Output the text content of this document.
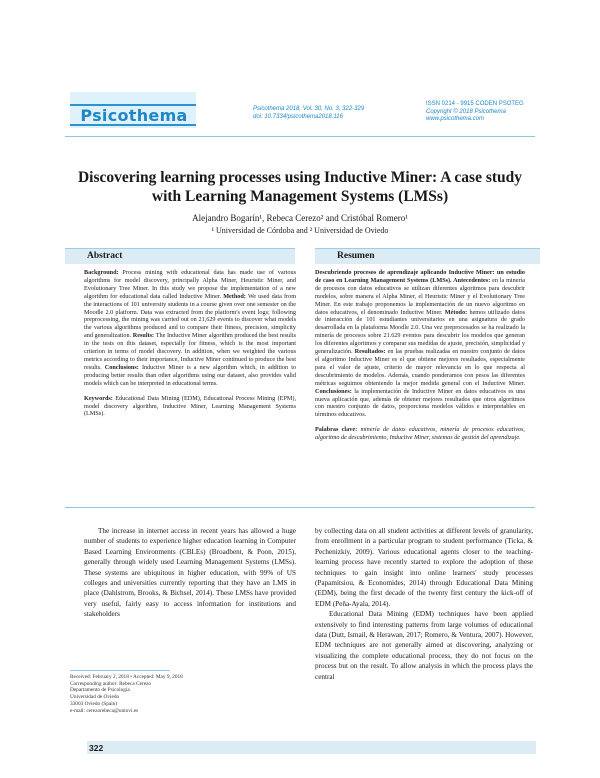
Psicothema	Psicothema 2018, Vol. 30, No. 3, 322-329
doi: 10.7334/psicothema2018.116
ISSN 0214 - 9915 CODEN PSOTEG
Copyright © 2018 Psicothema
www.psicothema.com
Discovering learning processes using Inductive Miner: A case study with Learning Management Systems (LMSs)
Alejandro Bogarín¹, Rebeca Cerezo² and Cristóbal Romero¹
¹ Universidad de Córdoba and ² Universidad de Oviedo
Abstract

Background: Process mining with educational data has made use of various algorithms for model discovery, principally Alpha Miner, Heuristic Miner, and Evolutionary Tree Miner. In this study we propose the implementation of a new algorithm for educational data called Inductive Miner. Method: We used data from the interactions of 101 university students in a course given over one semester on the Moodle 2.0 platform. Data was extracted from the platform's event logs; following preprocessing, the mining was carried out on 21,629 events to discover what models the various algorithms produced and to compare their fitness, precision, simplicity and generalization. Results: The Inductive Miner algorithm produced the best results in the tests on this dataset, especially for fitness, which is the most important criterion in terms of model discovery. In addition, when we weighted the various metrics according to their importance, Inductive Miner continued to produce the best results. Conclusions: Inductive Miner is a new algorithm which, in addition to producing better results than other algorithms using our dataset, also provides valid models which can be interpreted in educational terms.

Keywords: Educational Data Mining (EDM), Educational Process Mining (EPM), model discovery algorithm, Inductive Miner, Learning Management Systems (LMSs).

Resumen

Descubriendo procesos de aprendizaje aplicando Inductive Miner: un estudio de caso en Learning Management Systems (LMSs). Antecedentes: en la minería de procesos con datos educativos se utilizan diferentes algoritmos para descubrir modelos, sobre manera el Alpha Miner, el Heuristic Miner y el Evolutionary Tree Miner. En este trabajo proponemos la implementación de un nuevo algoritmo en datos educativos, el denominado Inductive Miner. Método: hemos utilizado datos de interacción de 101 estudiantes universitarios en una asignatura de grado desarrollada en la plataforma Moodle 2.0. Una vez preprocesados se ha realizado la minería de procesos sobre 21.629 eventos para descubrir los modelos que generan los diferentes algoritmos y comparar sus medidas de ajuste, precisión, simplicidad y generalización. Resultados: en las pruebas realizadas en nuestro conjunto de datos el algoritmo Inductive Miner es el que obtiene mejores resultados, especialmente para el valor de ajuste, criterio de mayor relevancia en lo que respecta al descubrimiento de modelos. Además, cuando ponderamos con pesos las diferentes métricas seguimos obteniendo la mejor medida general con el Inductive Miner. Conclusiones: la implementación de Inductive Miner en datos educativos es una nueva aplicación que, además de obtener mejores resultados que otros algoritmos con nuestro conjunto de datos, proporciona modelos válidos e interpretables en términos educativos.

Palabras clave: minería de datos educativos, minería de procesos educativos, algoritmo de descubrimiento, Inductive Miner, sistemas de gestión del aprendizaje.

The increase in internet access in recent years has allowed a huge number of students to experience higher education learning in Computer Based Learning Environments (CBLEs) (Broadbent, & Poon, 2015), generally through widely used Learning Management Systems (LMSs). These systems are ubiquitous in higher education, with 99% of US colleges and universities currently reporting that they have an LMS in place (Dahlstrom, Brooks, & Bichsel, 2014). These LMSs have provided very useful, fairly easy to access information for institutions and stakeholders

by collecting data on all student activities at different levels of granularity, from enrollment in a particular program to student performance (Ticka, & Pechenizkiy, 2009). Various educational agents closer to the teaching-learning process have recently started to explore the adoption of these techniques to gain insight into online learners' study processes (Papamitsiou, & Economides, 2014) through Educational Data Mining (EDM), being the first decade of the twenty first century the kick-off of EDM (Peña-Ayala, 2014).

Educational Data Mining (EDM) techniques have been applied extensively to find interesting patterns from large volumes of educational data (Dutt, Ismail, & Herawan, 2017; Romero, & Ventura, 2007). However, EDM techniques are not generally aimed at discovering, analyzing or visualizing the complete educational process, they do not focus on the process but on the result. To allow analysis in which the process plays the central

Received: February 2, 2018 • Accepted: May 9, 2018
Corresponding author: Rebeca Cerezo
Departamento de Psicología
Universidad de Oviedo
33003 Oviedo (Spain)
e-mail: cerezorebeca@uniovi.es
322
